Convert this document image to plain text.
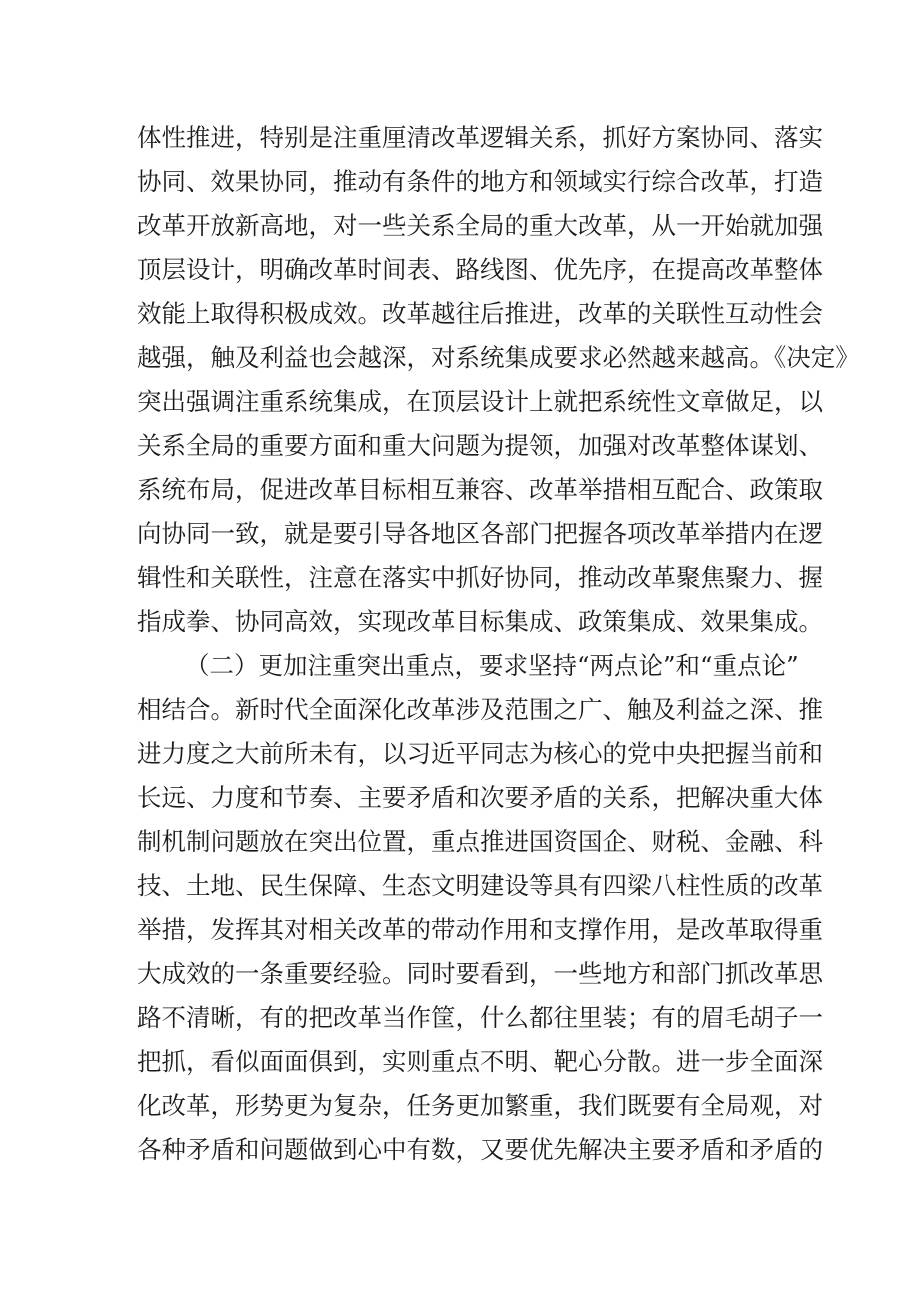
体性推进，特别是注重厘清改革逻辑关系，抓好方案协同、落实
协同、效果协同，推动有条件的地方和领域实行综合改革，打造
改革开放新高地，对一些关系全局的重大改革，从一开始就加强
顶层设计，明确改革时间表、路线图、优先序，在提高改革整体
效能上取得积极成效。改革越往后推进，改革的关联性互动性会
越强，触及利益也会越深，对系统集成要求必然越来越高。《决定》
突出强调注重系统集成，在顶层设计上就把系统性文章做足，以
关系全局的重要方面和重大问题为提领，加强对改革整体谋划、
系统布局，促进改革目标相互兼容、改革举措相互配合、政策取
向协同一致，就是要引导各地区各部门把握各项改革举措内在逻
辑性和关联性，注意在落实中抓好协同，推动改革聚焦聚力、握
指成拳、协同高效，实现改革目标集成、政策集成、效果集成。
（二）更加注重突出重点，要求坚持“两点论”和“重点论”
相结合。新时代全面深化改革涉及范围之广、触及利益之深、推
进力度之大前所未有，以习近平同志为核心的党中央把握当前和
长远、力度和节奏、主要矛盾和次要矛盾的关系，把解决重大体
制机制问题放在突出位置，重点推进国资国企、财税、金融、科
技、土地、民生保障、生态文明建设等具有四梁八柱性质的改革
举措，发挥其对相关改革的带动作用和支撑作用，是改革取得重
大成效的一条重要经验。同时要看到，一些地方和部门抓改革思
路不清晰，有的把改革当作筐，什么都往里装；有的眉毛胡子一
把抓，看似面面俱到，实则重点不明、靶心分散。进一步全面深
化改革，形势更为复杂，任务更加繁重，我们既要有全局观，对
各种矛盾和问题做到心中有数，又要优先解决主要矛盾和矛盾的
